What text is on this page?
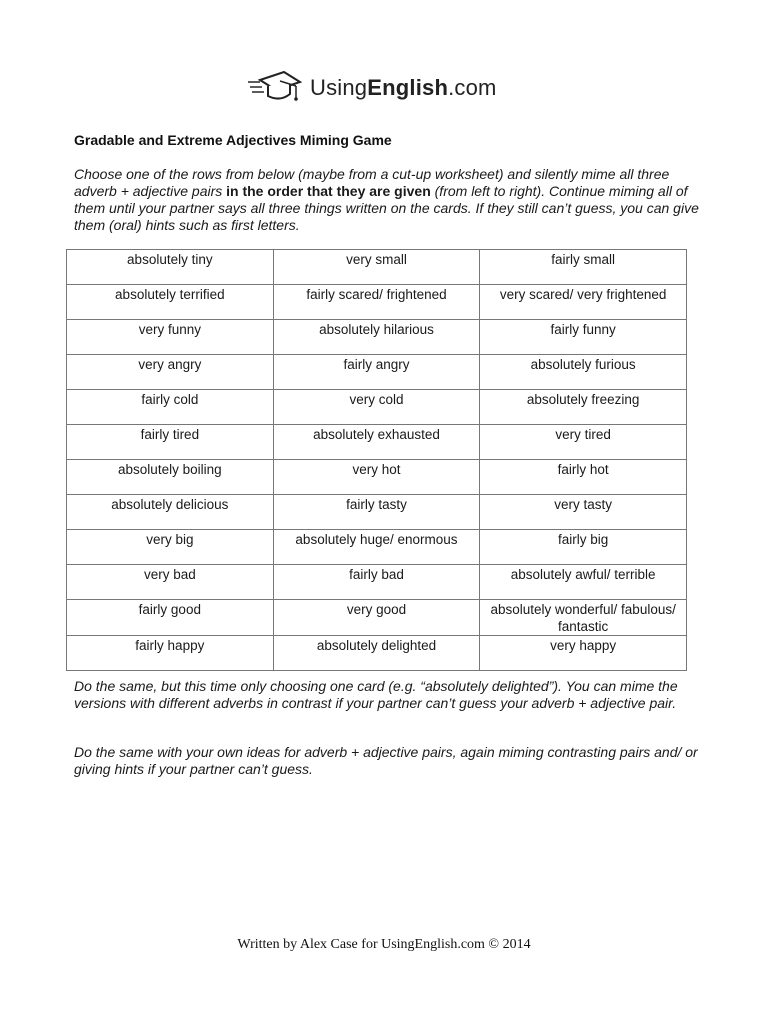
UsingEnglish.com
Gradable and Extreme Adjectives Miming Game

Choose one of the rows from below (maybe from a cut-up worksheet) and silently mime all three adverb + adjective pairs in the order that they are given (from left to right). Continue miming all of them until your partner says all three things written on the cards. If they still can’t guess, you can give them (oral) hints such as first letters.

absolutely tiny	very small	fairly small
absolutely terrified	fairly scared/ frightened	very scared/ very frightened
very funny	absolutely hilarious	fairly funny
very angry	fairly angry	absolutely furious
fairly cold	very cold	absolutely freezing
fairly tired	absolutely exhausted	very tired
absolutely boiling	very hot	fairly hot
absolutely delicious	fairly tasty	very tasty
very big	absolutely huge/ enormous	fairly big
very bad	fairly bad	absolutely awful/ terrible
fairly good	very good	absolutely wonderful/ fabulous/ fantastic
fairly happy	absolutely delighted	very happy

Do the same, but this time only choosing one card (e.g. “absolutely delighted”). You can mime the versions with different adverbs in contrast if your partner can’t guess your adverb + adjective pair.

Do the same with your own ideas for adverb + adjective pairs, again miming contrasting pairs and/ or giving hints if your partner can’t guess.

Written by Alex Case for UsingEnglish.com © 2014
